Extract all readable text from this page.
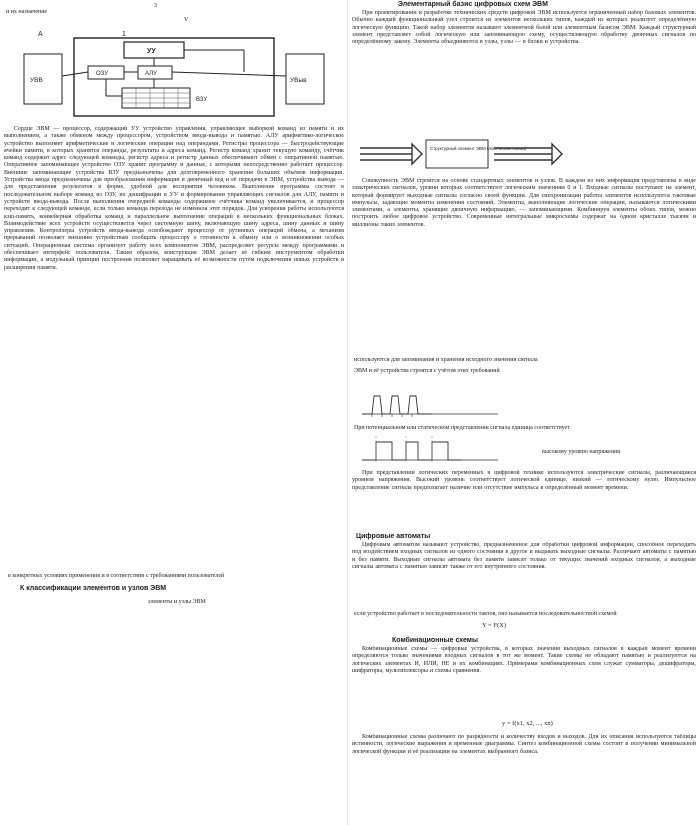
3
и их назначение
V
A	1
УВВ
УУ
АЛУ
ОЗУ
ВЗУ
УВыв

Сердце ЭВМ — процессор, содержащий УУ устройство управления, управляющее выборкой команд из памяти и их выполнением, а также обменом между процессором, устройством ввода-вывода и памятью. АЛУ арифметико-логическое устройство выполняет арифметические и логические операции над операндами. Регистры процессора — быстродействующие ячейки памяти, в которых хранятся операнды, результаты и адреса команд. Регистр команд хранит текущую команду, счётчик команд содержит адрес следующей команды, регистр адреса и регистр данных обеспечивают обмен с оперативной памятью. Оперативное запоминающее устройство ОЗУ хранит программу и данные, с которыми непосредственно работает процессор. Внешние запоминающие устройства ВЗУ предназначены для долговременного хранения больших объёмов информации. Устройства ввода предназначены для преобразования информации в двоичный код и её передачи в ЭВМ, устройства вывода — для представления результатов в форме, удобной для восприятия человеком. Выполнение программы состоит в последовательном выборе команд из ОЗУ, их дешифрации в УУ и формировании управляющих сигналов для АЛУ, памяти и устройств ввода-вывода. После выполнения очередной команды содержимое счётчика команд увеличивается, и процессор переходит к следующей команде, если только команда перехода не изменила этот порядок. Для ускорения работы используются кэш-память, конвейерная обработка команд и параллельное выполнение операций в нескольких функциональных блоках. Взаимодействие всех устройств осуществляется через системную шину, включающую шину адреса, шину данных и шину управления. Контроллеры устройств ввода-вывода освобождают процессор от рутинных операций обмена, а механизм прерываний позволяет внешним устройствам сообщать процессору о готовности к обмену или о возникновении особых ситуаций. Операционная система организует работу всех компонентов ЭВМ, распределяет ресурсы между программами и обеспечивает интерфейс пользователя. Таким образом, конструкция ЭВМ делает её гибким инструментом обработки информации, а модульный принцип построения позволяет наращивать её возможности путём подключения новых устройств и расширения памяти.

в конкретных условиях применения и в соответствии с требованиями пользователей
К классификации элементов и узлов ЭВМ
элементы и узлы ЭВМ
Элементарный базис цифровых схем ЭВМ

При проектировании и разработке технических средств цифровой ЭВМ используется ограниченный набор базовых элементов. Обычно каждый функциональный узел строится из элементов нескольких типов, каждый из которых реализует определённую логическую функцию. Такой набор элементов называют элементной базой или элементным базисом ЭВМ. Каждый структурный элемент представляет собой логическую или запоминающую схему, осуществляющую обработку двоичных сигналов по определённому закону. Элементы объединяются в узлы, узлы — в блоки и устройства.

Структурный элемент ЭВМ (логическая схема)

Совокупность ЭВМ строится на основе стандартных элементов и узлов. В каждом из них информация представлена в виде электрических сигналов, уровни которых соответствуют логическим значениям 0 и 1. Входные сигналы поступают на элемент, который формирует выходные сигналы согласно своей функции. Для синхронизации работы элементов используются тактовые импульсы, задающие моменты изменения состояний. Элементы, выполняющие логические операции, называются логическими элементами, а элементы, хранящие двоичную информацию, — запоминающими. Комбинируя элементы обоих типов, можно построить любое цифровое устройство. Современные интегральные микросхемы содержат на одном кристалле тысячи и миллионы таких элементов.

используются для запоминания и хранения исходного значения сигнала
ЭВМ и её устройства строятся с учётом этих требований
При потенциальном или статическом представлении сигнала единица соответствует
высокому уровню напряжения

При представлении логических переменных в цифровой технике используются электрические сигналы, различающиеся уровнем напряжения. Высокий уровень соответствует логической единице, низкий — логическому нулю. Импульсное представление сигнала предполагает наличие или отсутствие импульса в определённый момент времени.

Цифровые автоматы

Цифровым автоматом называют устройство, предназначенное для обработки цифровой информации, способное переходить под воздействием входных сигналов из одного состояния в другое и выдавать выходные сигналы. Различают автоматы с памятью и без памяти. Выходные сигналы автомата без памяти зависят только от текущих значений входных сигналов, а выходные сигналы автомата с памятью зависят также от его внутреннего состояния.

если устройство работает в последовательности тактов, оно называется последовательностной схемой
Y = F(X)
Комбинационные схемы

Комбинационные схемы — цифровые устройства, в которых значения выходных сигналов в каждый момент времени определяются только значениями входных сигналов в тот же момент. Такие схемы не обладают памятью и реализуются на логических элементах И, ИЛИ, НЕ и их комбинациях. Примерами комбинационных схем служат сумматоры, дешифраторы, шифраторы, мультиплексоры и схемы сравнения.

y = f(x1, x2, ..., xn)

Комбинационные схемы различают по разрядности и количеству входов и выходов. Для их описания используются таблицы истинности, логические выражения и временные диаграммы. Синтез комбинационной схемы состоит в получении минимальной логической функции и её реализации на элементах выбранного базиса.
